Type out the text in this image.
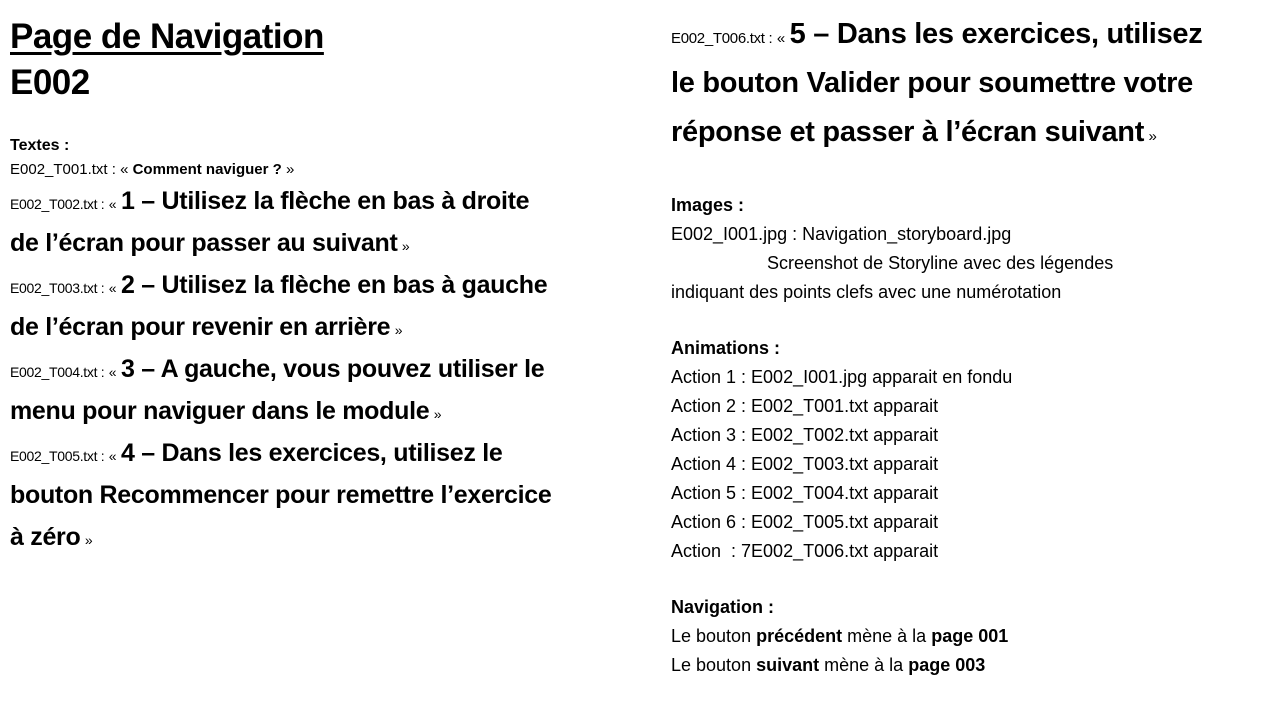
Page de Navigation
E002
Textes :
E002_T001.txt : « Comment naviguer ? »
E002_T002.txt : « 1 – Utilisez la flèche en bas à droite de l’écran pour passer au suivant »
E002_T003.txt : « 2 – Utilisez la flèche en bas à gauche de l’écran pour revenir en arrière »
E002_T004.txt : « 3 – A gauche, vous pouvez utiliser le menu pour naviguer dans le module »
E002_T005.txt : « 4 – Dans les exercices, utilisez le bouton Recommencer pour remettre l’exercice à zéro »
E002_T006.txt : « 5 – Dans les exercices, utilisez le bouton Valider pour soumettre votre réponse et passer à l’écran suivant »
Images :
E002_I001.jpg : Navigation_storyboard.jpg
Screenshot de Storyline avec des légendes
indiquant des points clefs avec une numérotation
Animations :
Action 1 : E002_I001.jpg apparait en fondu
Action 2 : E002_T001.txt apparait
Action 3 : E002_T002.txt apparait
Action 4 : E002_T003.txt apparait
Action 5 : E002_T004.txt apparait
Action 6 : E002_T005.txt apparait
Action  : 7E002_T006.txt apparait
Navigation :
Le bouton précédent mène à la page 001
Le bouton suivant mène à la page 003
